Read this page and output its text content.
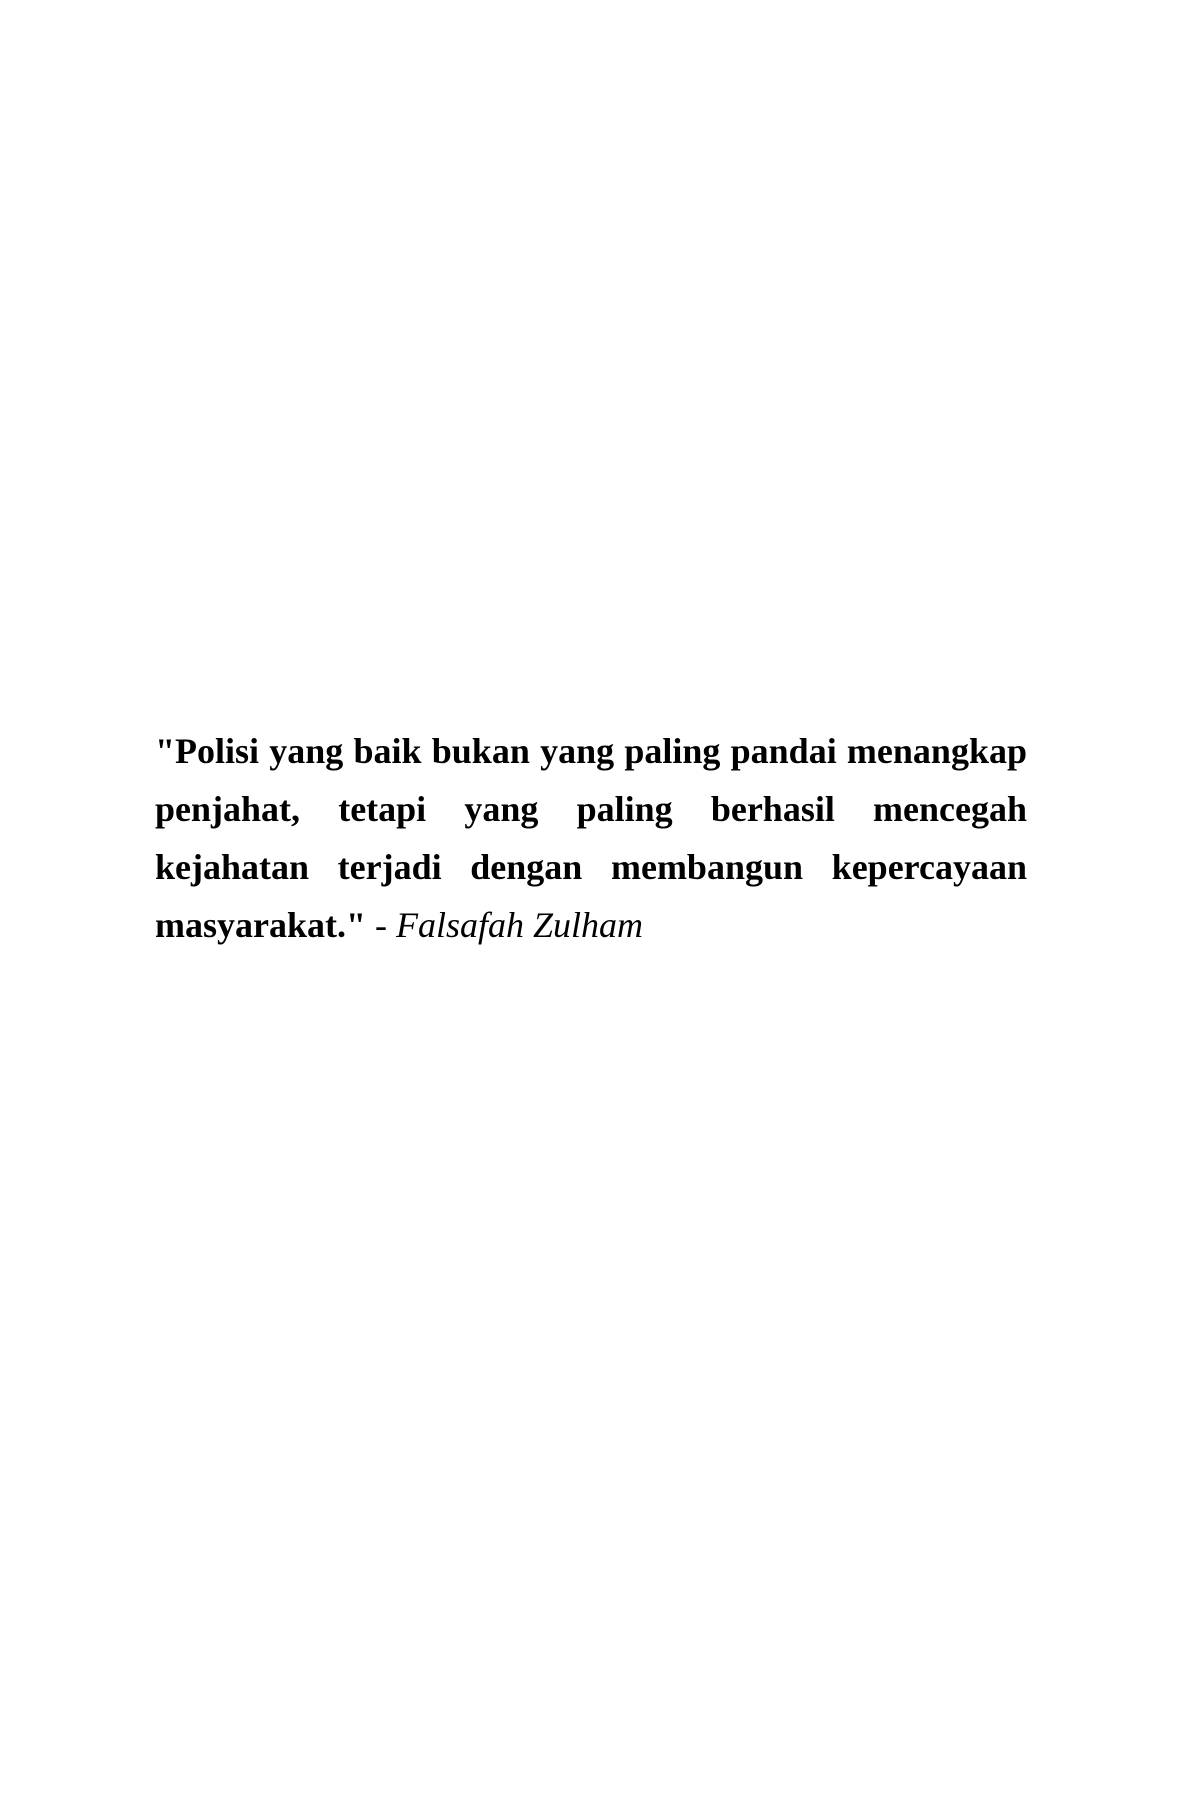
"Polisi yang baik bukan yang paling pandai menangkap penjahat, tetapi yang paling berhasil mencegah kejahatan terjadi dengan membangun kepercayaan masyarakat." - Falsafah Zulham
